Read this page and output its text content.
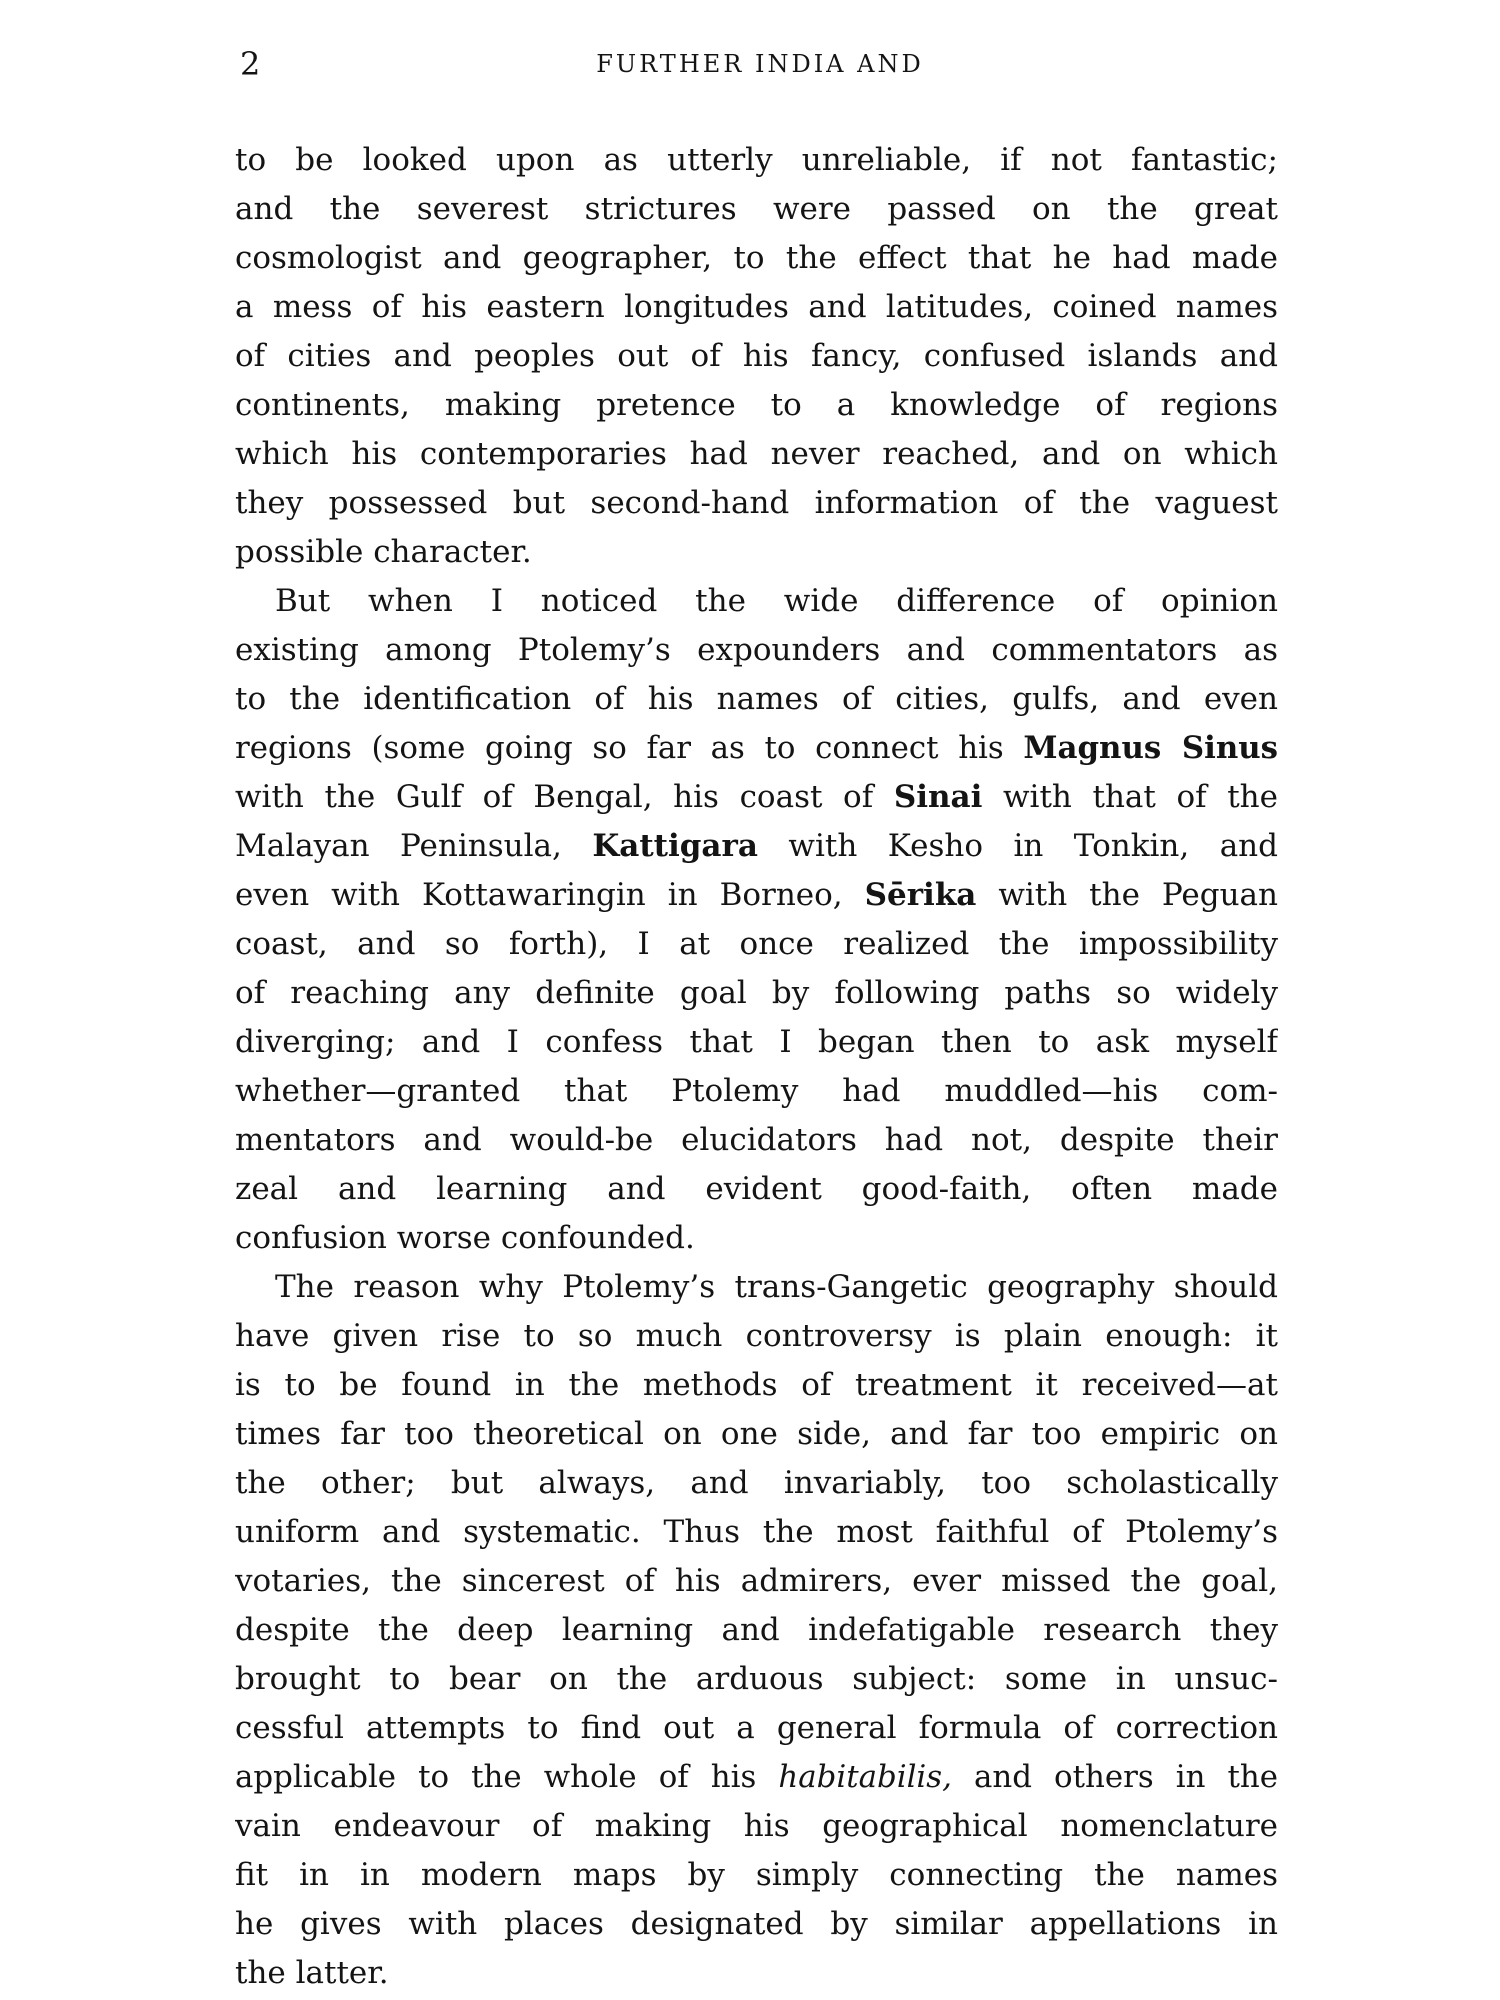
2	FURTHER INDIA AND
to be looked upon as utterly unreliable, if not fantastic;
and the severest strictures were passed on the great
cosmologist and geographer, to the effect that he had made
a mess of his eastern longitudes and latitudes, coined names
of cities and peoples out of his fancy, confused islands and
continents, making pretence to a knowledge of regions
which his contemporaries had never reached, and on which
they possessed but second-hand information of the vaguest
possible character.
But when I noticed the wide difference of opinion
existing among Ptolemy’s expounders and commentators as
to the identification of his names of cities, gulfs, and even
regions (some going so far as to connect his Magnus Sinus
with the Gulf of Bengal, his coast of Sinai with that of the
Malayan Peninsula, Kattigara with Kesho in Tonkin, and
even with Kottawaringin in Borneo, Sērika with the Peguan
coast, and so forth), I at once realized the impossibility
of reaching any definite goal by following paths so widely
diverging; and I confess that I began then to ask myself
whether—granted that Ptolemy had muddled—his com-
mentators and would-be elucidators had not, despite their
zeal and learning and evident good-faith, often made
confusion worse confounded.
The reason why Ptolemy’s trans-Gangetic geography should
have given rise to so much controversy is plain enough: it
is to be found in the methods of treatment it received—at
times far too theoretical on one side, and far too empiric on
the other; but always, and invariably, too scholastically
uniform and systematic. Thus the most faithful of Ptolemy’s
votaries, the sincerest of his admirers, ever missed the goal,
despite the deep learning and indefatigable research they
brought to bear on the arduous subject: some in unsuc-
cessful attempts to find out a general formula of correction
applicable to the whole of his habitabilis, and others in the
vain endeavour of making his geographical nomenclature
fit in in modern maps by simply connecting the names
he gives with places designated by similar appellations in
the latter.
